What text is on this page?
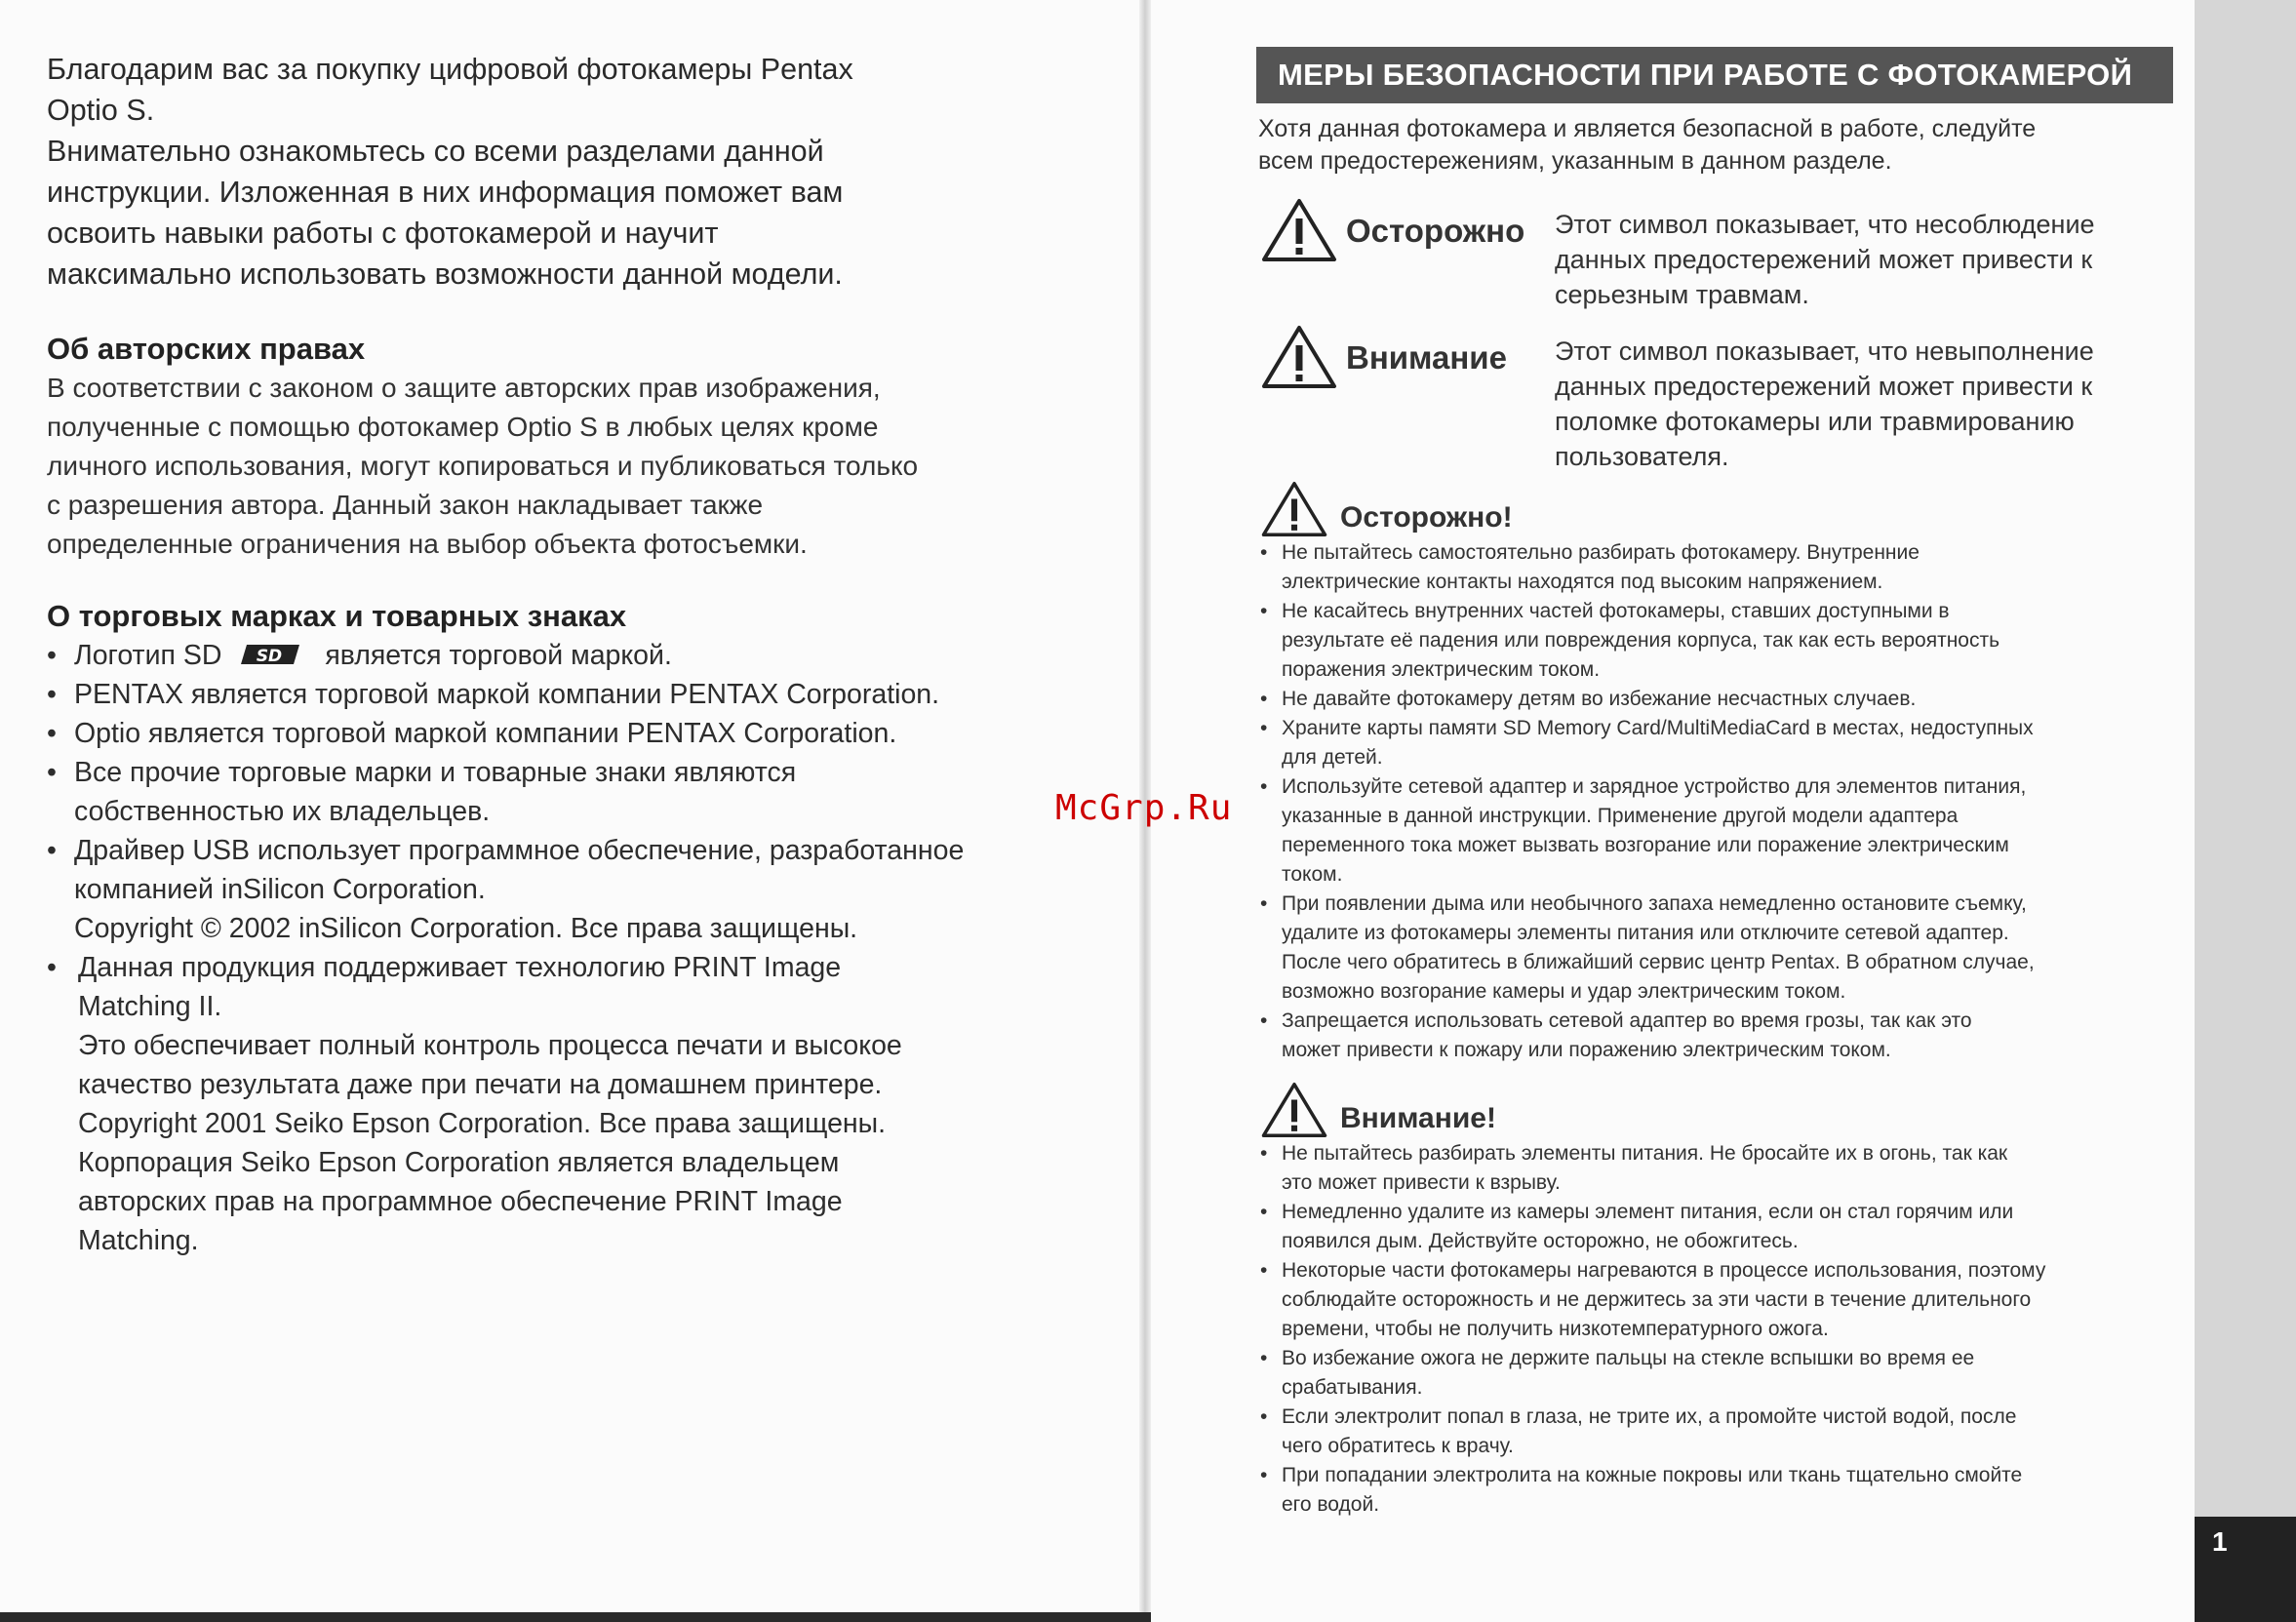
Благодарим вас за покупку цифровой фотокамеры Pentax
Optio S.
Внимательно ознакомьтесь со всеми разделами данной
инструкции. Изложенная в них информация поможет вам
освоить навыки работы с фотокамерой и научит
максимально использовать возможности данной модели.

Об авторских правах

В соответствии с законом о защите авторских прав изображения,
полученные с помощью фотокамер Optio S в любых целях кроме
личного использования, могут копироваться и публиковаться только
с разрешения автора. Данный закон накладывает также
определенные ограничения на выбор объекта фотосъемки.

О торговых марках и товарных знаках
• Логотип SD SD является торговой маркой.
• PENTAX является торговой маркой компании PENTAX Corporation.
• Optio является торговой маркой компании PENTAX Corporation.
• Все прочие торговые марки и товарные знаки являются
собственностью их владельцев.
• Драйвер USB использует программное обеспечение, разработанное
компанией inSilicon Corporation.
Copyright © 2002 inSilicon Corporation. Все права защищены.
• Данная продукция поддерживает технологию PRINT Image
Matching II.
Это обеспечивает полный контроль процесса печати и высокое
качество результата даже при печати на домашнем принтере.
Copyright 2001 Seiko Epson Corporation. Все права защищены.
Корпорация Seiko Epson Corporation является владельцем
авторских прав на программное обеспечение PRINT Image
Matching.
МЕРЫ БЕЗОПАСНОСТИ ПРИ РАБОТЕ С ФОТОКАМЕРОЙ

Хотя данная фотокамера и является безопасной в работе, следуйте
всем предостережениям, указанным в данном разделе.

Осторожно Этот символ показывает, что несоблюдение
данных предостережений может привести к
серьезным травмам.
Внимание Этот символ показывает, что невыполнение
данных предостережений может привести к
поломке фотокамеры или травмированию
пользователя.
Осторожно!
• Не пытайтесь самостоятельно разбирать фотокамеру. Внутренние
электрические контакты находятся под высоким напряжением.
• Не касайтесь внутренних частей фотокамеры, ставших доступными в
результате её падения или повреждения корпуса, так как есть вероятность
поражения электрическим током.
• Не давайте фотокамеру детям во избежание несчастных случаев.
• Храните карты памяти SD Memory Card/MultiMediaCard в местах, недоступных
для детей.
• Используйте сетевой адаптер и зарядное устройство для элементов питания,
указанные в данной инструкции. Применение другой модели адаптера
переменного тока может вызвать возгорание или поражение электрическим
током.
• При появлении дыма или необычного запаха немедленно остановите съемку,
удалите из фотокамеры элементы питания или отключите сетевой адаптер.
После чего обратитесь в ближайший сервис центр Pentax. В обратном случае,
возможно возгорание камеры и удар электрическим током.
• Запрещается использовать сетевой адаптер во время грозы, так как это
может привести к пожару или поражению электрическим током.
Внимание!
• Не пытайтесь разбирать элементы питания. Не бросайте их в огонь, так как
это может привести к взрыву.
• Немедленно удалите из камеры элемент питания, если он стал горячим или
появился дым. Действуйте осторожно, не обожгитесь.
• Некоторые части фотокамеры нагреваются в процессе использования, поэтому
соблюдайте осторожность и не держитесь за эти части в течение длительного
времени, чтобы не получить низкотемпературного ожога.
• Во избежание ожога не держите пальцы на стекле вспышки во время ее
срабатывания.
• Если электролит попал в глаза, не трите их, а промойте чистой водой, после
чего обратитесь к врачу.
• При попадании электролита на кожные покровы или ткань тщательно смойте
его водой.
1
McGrp.Ru
